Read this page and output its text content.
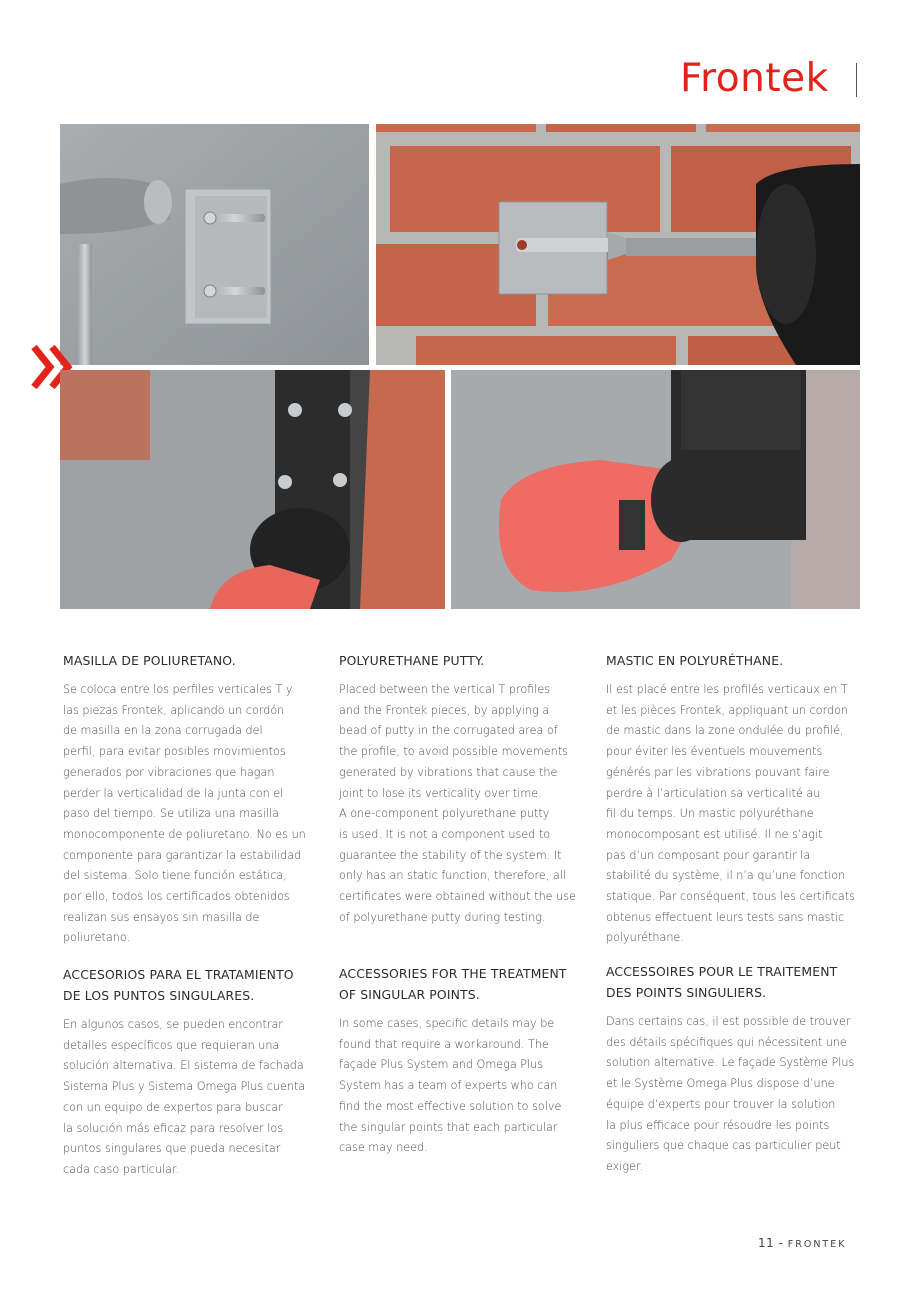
Frontek
MASILLA DE POLIURETANO.

Se coloca entre los perfiles verticales T y
las piezas Frontek, aplicando un cordón
de masilla en la zona corrugada del
perfil, para evitar posibles movimientos
generados por vibraciones que hagan
perder la verticalidad de la junta con el
paso del tiempo. Se utiliza una masilla
monocomponente de poliuretano. No es un
componente para garantizar la estabilidad
del sistema. Solo tiene función estática,
por ello, todos los certificados obtenidos
realizan sus ensayos sin masilla de
poliuretano.

ACCESORIOS PARA EL TRATAMIENTO
DE LOS PUNTOS SINGULARES.

En algunos casos, se pueden encontrar
detalles específicos que requieran una
solución alternativa. El sistema de fachada
Sistema Plus y Sistema Omega Plus cuenta
con un equipo de expertos para buscar
la solución más eficaz para resolver los
puntos singulares que pueda necesitar
cada caso particular.

POLYURETHANE PUTTY.

Placed between the vertical T profiles
and the Frontek pieces, by applying a
bead of putty in the corrugated area of
the profile, to avoid possible movements
generated by vibrations that cause the
joint to lose its verticality over time.
A one-component polyurethane putty
is used. It is not a component used to
guarantee the stability of the system. It
only has an static function, therefore, all
certificates were obtained without the use
of polyurethane putty during testing.

ACCESSORIES FOR THE TREATMENT
OF SINGULAR POINTS.

In some cases, specific details may be
found that require a workaround. The
façade Plus System and Omega Plus
System has a team of experts who can
find the most effective solution to solve
the singular points that each particular
case may need.

MASTIC EN POLYURÉTHANE.

Il est placé entre les profilés verticaux en T
et les pièces Frontek, appliquant un cordon
de mastic dans la zone ondulée du profilé,
pour éviter les éventuels mouvements
générés par les vibrations pouvant faire
perdre à l’articulation sa verticalité au
fil du temps. Un mastic polyuréthane
monocomposant est utilisé. Il ne s’agit
pas d’un composant pour garantir la
stabilité du système, il n’a qu’une fonction
statique. Par conséquent, tous les certificats
obtenus effectuent leurs tests sans mastic
polyuréthane.

ACCESSOIRES POUR LE TRAITEMENT
DES POINTS SINGULIERS.

Dans certains cas, il est possible de trouver
des détails spécifiques qui nécessitent une
solution alternative. Le façade Système Plus
et le Système Omega Plus dispose d’une
équipe d’experts pour trouver la solution
la plus efficace pour résoudre les points
singuliers que chaque cas particulier peut
exiger.

11 - FRONTEK
